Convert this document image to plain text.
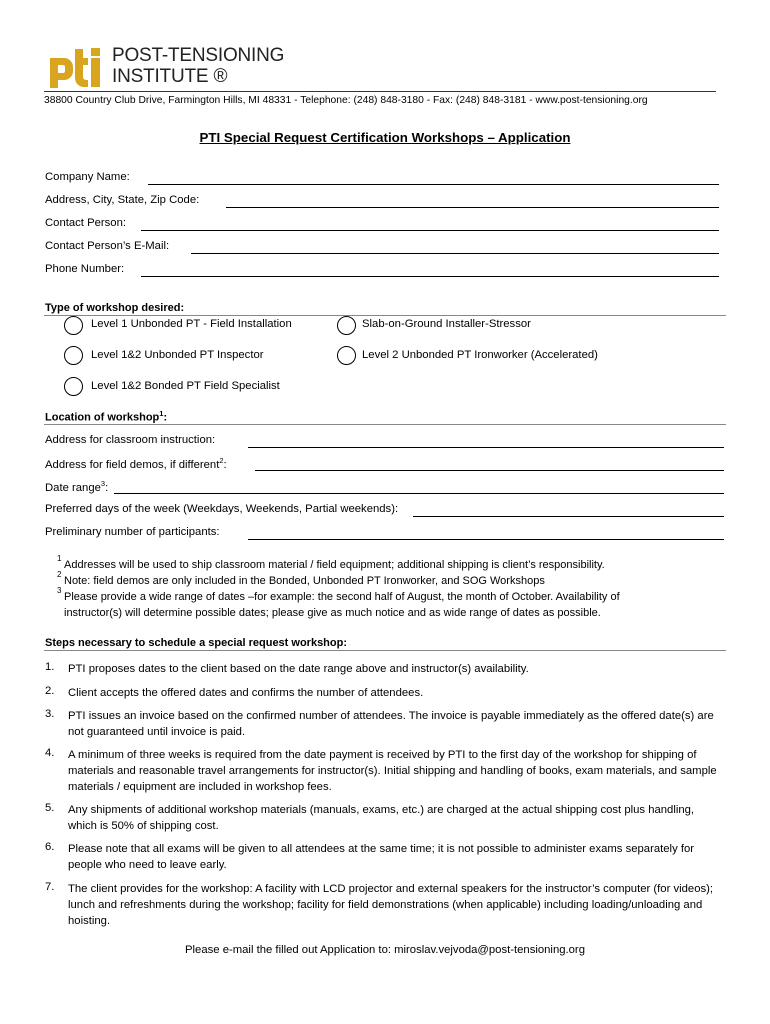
POST-TENSIONING
INSTITUTE ®
38800 Country Club Drive, Farmington Hills, MI 48331 - Telephone: (248) 848-3180 - Fax: (248) 848-3181 - www.post-tensioning.org
PTI Special Request Certification Workshops – Application
Company Name:
Address, City, State, Zip Code:
Contact Person:
Contact Person’s E-Mail:
Phone Number:
Type of workshop desired:
Level 1 Unbonded PT - Field Installation	Slab-on-Ground Installer-Stressor
Level 1&2 Unbonded PT Inspector	Level 2 Unbonded PT Ironworker (Accelerated)
Level 1&2 Bonded PT Field Specialist
Location of workshop$^1$:
Address for classroom instruction:
Address for field demos, if different$^2$:
Date range$^3$:
Preferred days of the week (Weekdays, Weekends, Partial weekends):
Preliminary number of participants:
1
Addresses will be used to ship classroom material / field equipment; additional shipping is client’s responsibility.
2
Note: field demos are only included in the Bonded, Unbonded PT Ironworker, and SOG Workshops
3
Please provide a wide range of dates –for example: the second half of August, the month of October. Availability of instructor(s) will determine possible dates; please give as much notice and as wide range of dates as possible.
Steps necessary to schedule a special request workshop:
1. PTI proposes dates to the client based on the date range above and instructor(s) availability.
2. Client accepts the offered dates and confirms the number of attendees.
3. PTI issues an invoice based on the confirmed number of attendees. The invoice is payable immediately as the offered date(s) are not guaranteed until invoice is paid.
4. A minimum of three weeks is required from the date payment is received by PTI to the first day of the workshop for shipping of materials and reasonable travel arrangements for instructor(s). Initial shipping and handling of books, exam materials, and sample materials / equipment are included in workshop fees.
5. Any shipments of additional workshop materials (manuals, exams, etc.) are charged at the actual shipping cost plus handling, which is 50% of shipping cost.
6. Please note that all exams will be given to all attendees at the same time; it is not possible to administer exams separately for people who need to leave early.
7. The client provides for the workshop: A facility with LCD projector and external speakers for the instructor’s computer (for videos); lunch and refreshments during the workshop; facility for field demonstrations (when applicable) including loading/unloading and hoisting.
Please e-mail the filled out Application to: miroslav.vejvoda@post-tensioning.org
